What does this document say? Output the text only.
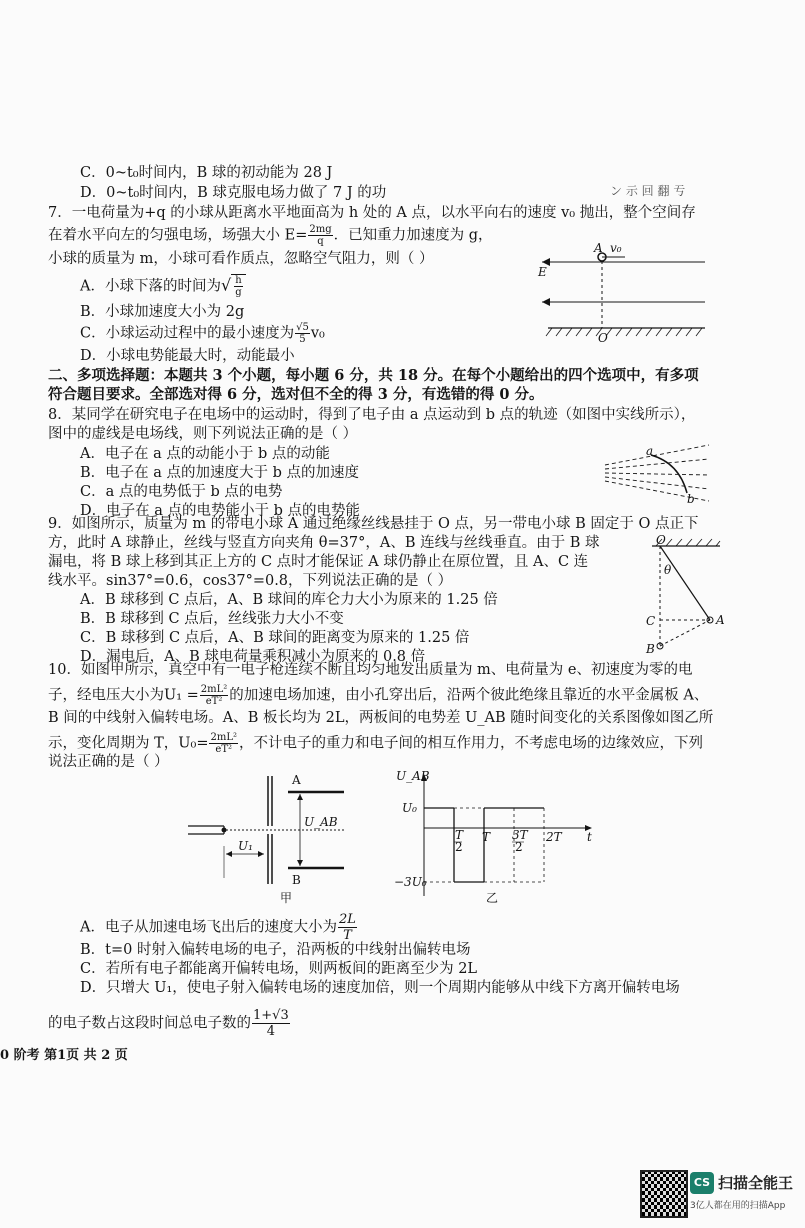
C．0~t₀时间内，B 球的初动能为 28 J
D．0~t₀时间内，B 球克服电场力做了 7 J 的功	ン 示 回 翻 亐
7．一电荷量为+q 的小球从距离水平地面高为 h 处的 A 点，以水平向右的速度 v₀ 抛出，整个空间存
在着水平向左的匀强电场，场强大小 $E= \frac{2mg}{q}$ ．已知重力加速度为 g，
小球的质量为 m，小球可看作质点，忽略空气阻力，则（ ）
A．小球下落的时间为√ $\frac{h}{g}$
B．小球加速度大小为 2g
C．小球运动过程中的最小速度为 $\frac{√5}{5} v_0$
D．小球电势能最大时，动能最小
A v₀
E
O
二、多项选择题：本题共 3 个小题，每小题 6 分，共 18 分。在每个小题给出的四个选项中，有多项
符合题目要求。全部选对得 6 分，选对但不全的得 3 分，有选错的得 0 分。
8．某同学在研究电子在电场中的运动时，得到了电子由 a 点运动到 b 点的轨迹（如图中实线所示），
图中的虚线是电场线，则下列说法正确的是（ ）
A．电子在 a 点的动能小于 b 点的动能
B．电子在 a 点的加速度大于 b 点的加速度
C．a 点的电势低于 b 点的电势
D．电子在 a 点的电势能小于 b 点的电势能
a
b
9．如图所示，质量为 m 的带电小球 A 通过绝缘丝线悬挂于 O 点，另一带电小球 B 固定于 O 点正下
方，此时 A 球静止，丝线与竖直方向夹角 θ=37°，A、B 连线与丝线垂直。由于 B 球
漏电，将 B 球上移到其正上方的 C 点时才能保证 A 球仍静止在原位置，且 A、C 连
线水平。sin37°=0.6，cos37°=0.8，下列说法正确的是（ ）
A．B 球移到 C 点后，A、B 球间的库仑力大小为原来的 1.25 倍
B．B 球移到 C 点后，丝线张力大小不变
C．B 球移到 C 点后，A、B 球间的距离变为原来的 1.25 倍
D．漏电后，A、B 球电荷量乘积减小为原来的 0.8 倍
O
θ
C	A
B
10．如图甲所示，真空中有一电子枪连续不断且均匀地发出质量为 m、电荷量为 e、初速度为零的电
子，经电压大小为$U_1 = \frac{\text{2mL²}}{\text{eT²}}$ 的加速电场加速，由小孔穿出后，沿两个彼此绝缘且靠近的水平金属板 A、
B 间的中线射入偏转电场。A、B 板长均为 2L，两板间的电势差 U_AB 随时间变化的关系图像如图乙所
示，变化周期为 T，$U_0= \frac{\text{2mL²}}{\text{eT²}}$ ，不计电子的重力和电子间的相互作用力，不考虑电场的边缘效应，下列
说法正确的是（ ）
A
B
U_AB
U₁
甲
U_AB
U₀
−3U₀
T
2
T 3T
2
2T t
乙
A．电子从加速电场飞出后的速度大小为 $\frac{2L}{T}$
B．t=0 时射入偏转电场的电子，沿两板的中线射出偏转电场
C．若所有电子都能离开偏转电场，则两板间的距离至少为 2L
D．只增大 U₁，使电子射入偏转电场的速度加倍，则一个周期内能够从中线下方离开偏转电场
的电子数占这段时间总电子数的 $\frac{1+√3}{4}$
0 阶考 第1页 共 2 页
CS 扫描全能王
3亿人都在用的扫描App
